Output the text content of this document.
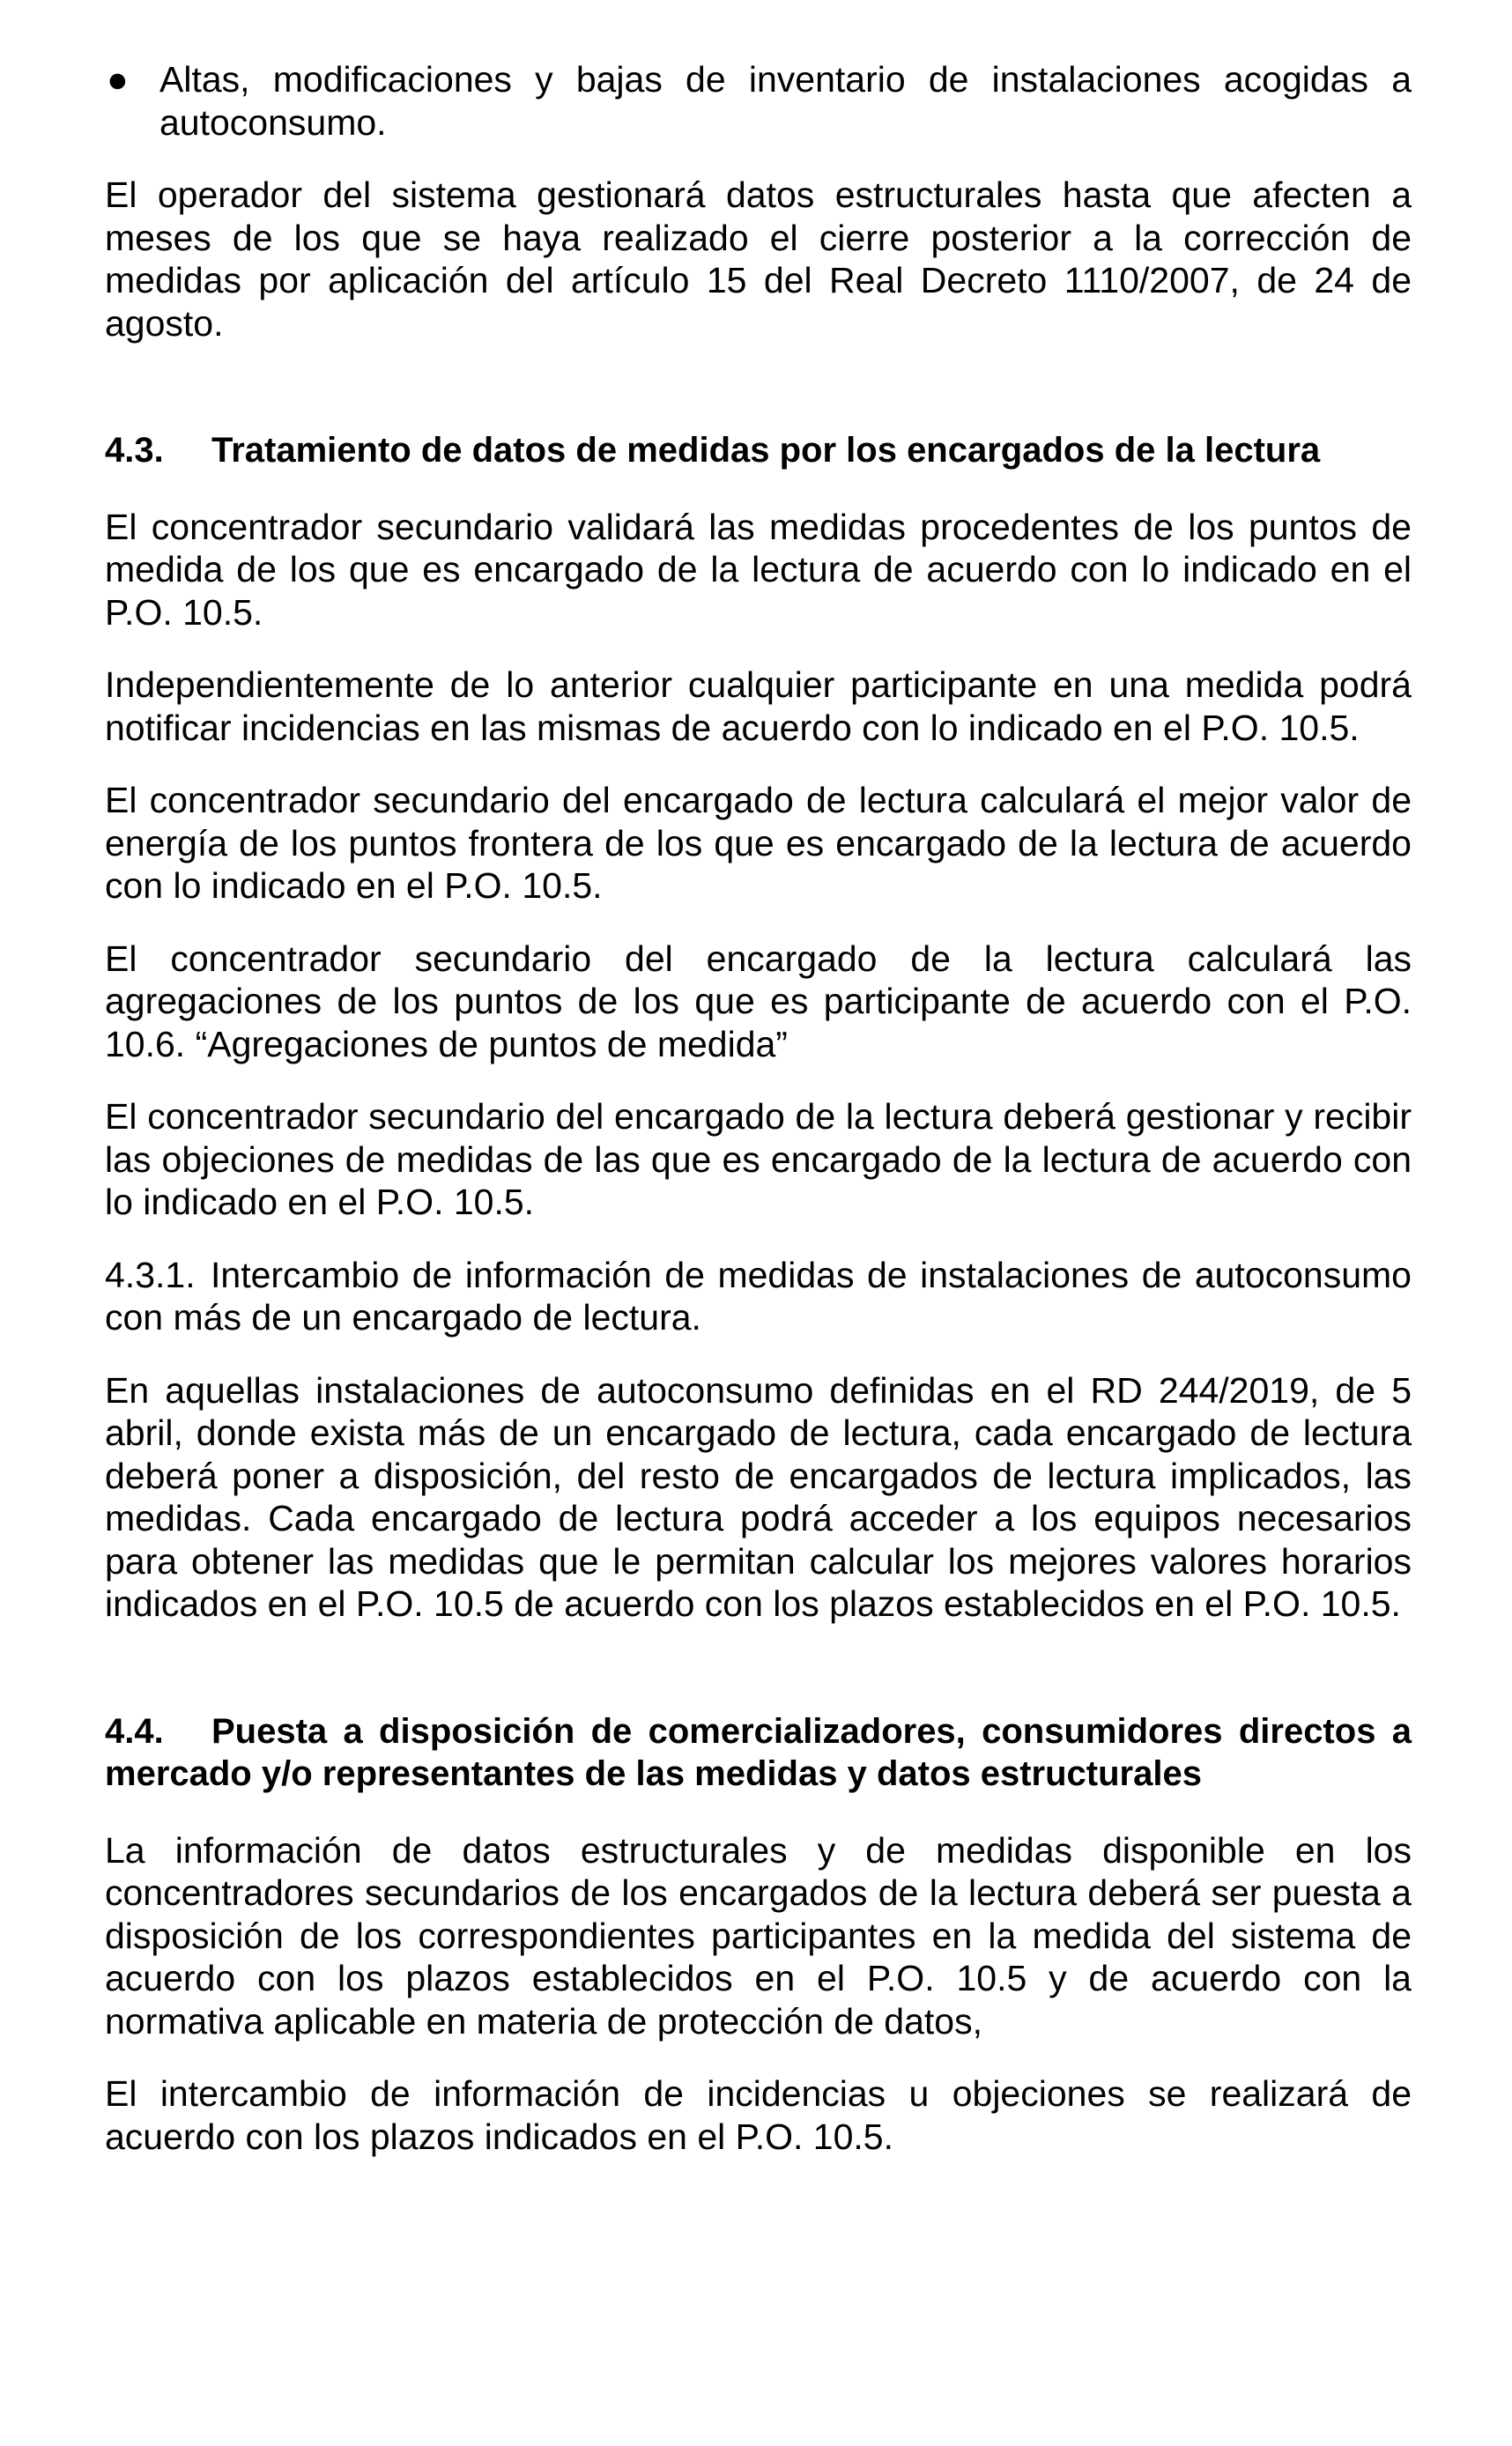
● Altas, modificaciones y bajas de inventario de instalaciones acogidas a autoconsumo.

El operador del sistema gestionará datos estructurales hasta que afecten a meses de los que se haya realizado el cierre posterior a la corrección de medidas por aplicación del artículo 15 del Real Decreto 1110/2007, de 24 de agosto.

4.3. Tratamiento de datos de medidas por los encargados de la lectura

El concentrador secundario validará las medidas procedentes de los puntos de medida de los que es encargado de la lectura de acuerdo con lo indicado en el P.O. 10.5.

Independientemente de lo anterior cualquier participante en una medida podrá notificar incidencias en las mismas de acuerdo con lo indicado en el P.O. 10.5.

El concentrador secundario del encargado de lectura calculará el mejor valor de energía de los puntos frontera de los que es encargado de la lectura de acuerdo con lo indicado en el P.O. 10.5.

El concentrador secundario del encargado de la lectura calculará las agregaciones de los puntos de los que es participante de acuerdo con el P.O. 10.6. “Agregaciones de puntos de medida”

El concentrador secundario del encargado de la lectura deberá gestionar y recibir las objeciones de medidas de las que es encargado de la lectura de acuerdo con lo indicado en el P.O. 10.5.

4.3.1. Intercambio de información de medidas de instalaciones de autoconsumo con más de un encargado de lectura.

En aquellas instalaciones de autoconsumo definidas en el RD 244/2019, de 5 abril, donde exista más de un encargado de lectura, cada encargado de lectura deberá poner a disposición, del resto de encargados de lectura implicados, las medidas. Cada encargado de lectura podrá acceder a los equipos necesarios para obtener las medidas que le permitan calcular los mejores valores horarios indicados en el P.O. 10.5 de acuerdo con los plazos establecidos en el P.O. 10.5.

4.4. Puesta a disposición de comercializadores, consumidores directos a mercado y/o representantes de las medidas y datos estructurales

La información de datos estructurales y de medidas disponible en los concentradores secundarios de los encargados de la lectura deberá ser puesta a disposición de los correspondientes participantes en la medida del sistema de acuerdo con los plazos establecidos en el P.O. 10.5 y de acuerdo con la normativa aplicable en materia de protección de datos,

El intercambio de información de incidencias u objeciones se realizará de acuerdo con los plazos indicados en el P.O. 10.5.
